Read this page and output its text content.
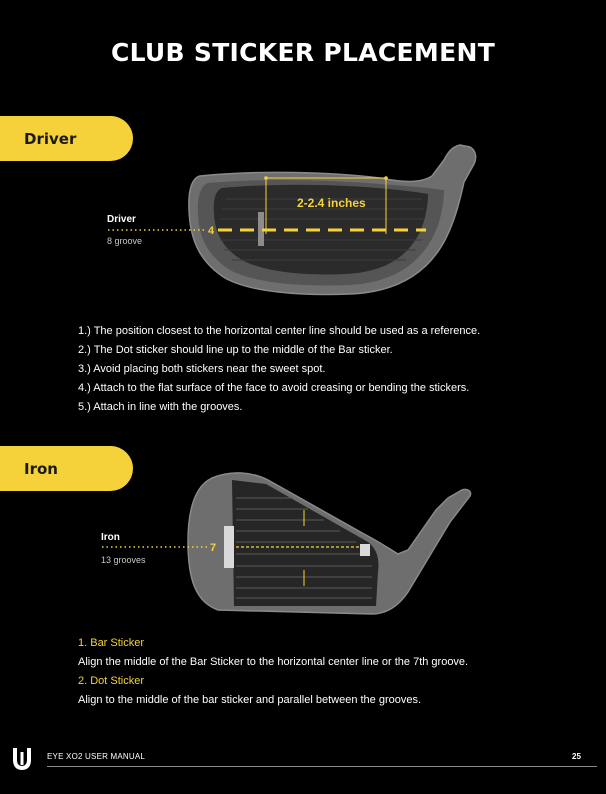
CLUB STICKER PLACEMENT
Driver
4
2-2.4 inches
Driver
8 groove
1.) The position closest to the horizontal center line should be used as a reference.
2.) The Dot sticker should line up to the middle of the Bar sticker.
3.) Avoid placing both stickers near the sweet spot.
4.) Attach to the flat surface of the face to avoid creasing or bending the stickers.
5.) Attach in line with the grooves.
Iron
7
Iron
13 grooves
1. Bar Sticker
Align the middle of the Bar Sticker to the horizontal center line or the 7th groove.
2. Dot Sticker
Align to the middle of the bar sticker and parallel between the grooves.
EYE XO2 USER MANUAL	25
